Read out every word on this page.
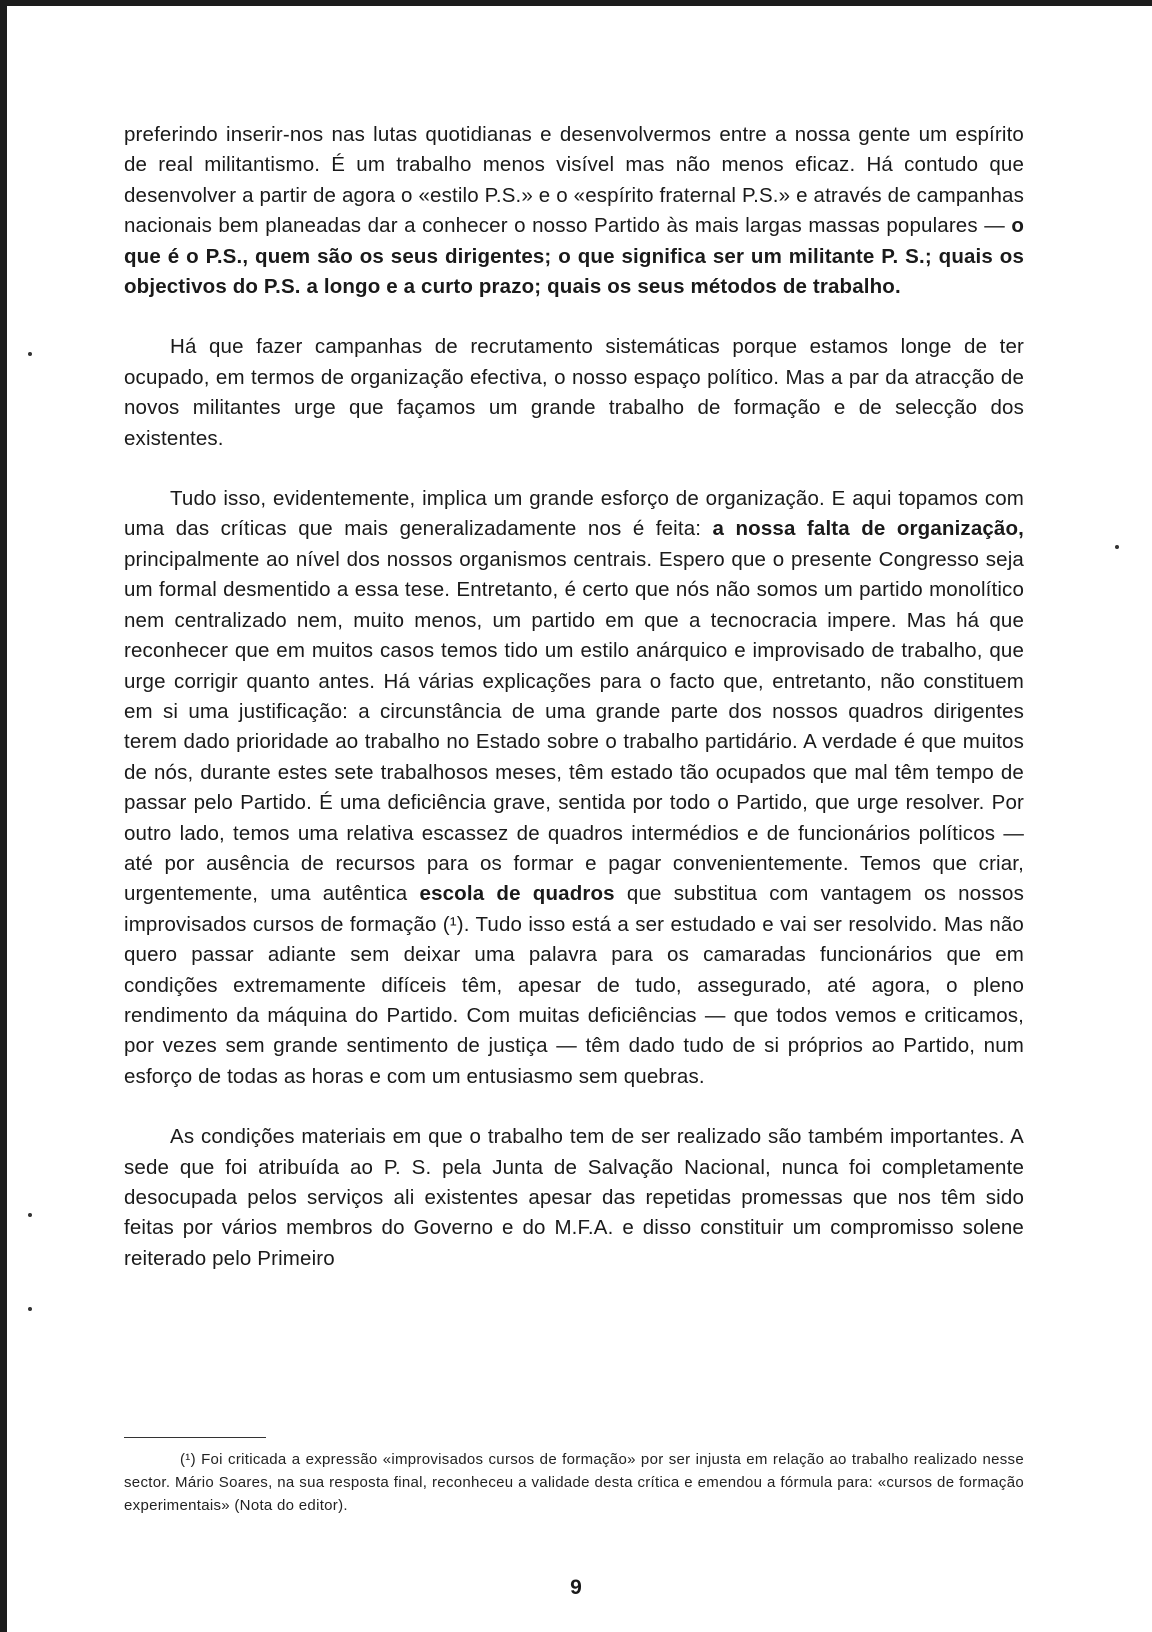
preferindo inserir-nos nas lutas quotidianas e desenvolvermos entre a nossa gente um espírito de real militantismo. É um trabalho menos visível mas não menos eficaz. Há contudo que desenvolver a partir de agora o «estilo P.S.» e o «espírito fraternal P.S.» e através de campanhas nacionais bem planeadas dar a conhecer o nosso Partido às mais largas massas populares — o que é o P.S., quem são os seus dirigentes; o que significa ser um militante P. S.; quais os objectivos do P.S. a longo e a curto prazo; quais os seus métodos de trabalho.

Há que fazer campanhas de recrutamento sistemáticas porque estamos longe de ter ocupado, em termos de organização efectiva, o nosso espaço político. Mas a par da atracção de novos militantes urge que façamos um grande trabalho de formação e de selecção dos existentes.

Tudo isso, evidentemente, implica um grande esforço de organização. E aqui topamos com uma das críticas que mais generalizadamente nos é feita: a nossa falta de organização, principalmente ao nível dos nossos organismos centrais. Espero que o presente Congresso seja um formal desmentido a essa tese. Entretanto, é certo que nós não somos um partido monolítico nem centralizado nem, muito menos, um partido em que a tecnocracia impere. Mas há que reconhecer que em muitos casos temos tido um estilo anárquico e improvisado de trabalho, que urge corrigir quanto antes. Há várias explicações para o facto que, entretanto, não constituem em si uma justificação: a circunstância de uma grande parte dos nossos quadros dirigentes terem dado prioridade ao trabalho no Estado sobre o trabalho partidário. A verdade é que muitos de nós, durante estes sete trabalhosos meses, têm estado tão ocupados que mal têm tempo de passar pelo Partido. É uma deficiência grave, sentida por todo o Partido, que urge resolver. Por outro lado, temos uma relativa escassez de quadros intermédios e de funcionários políticos — até por ausência de recursos para os formar e pagar convenientemente. Temos que criar, urgentemente, uma autêntica escola de quadros que substitua com vantagem os nossos improvisados cursos de formação (¹). Tudo isso está a ser estudado e vai ser resolvido. Mas não quero passar adiante sem deixar uma palavra para os camaradas funcionários que em condições extremamente difíceis têm, apesar de tudo, assegurado, até agora, o pleno rendimento da máquina do Partido. Com muitas deficiências — que todos vemos e criticamos, por vezes sem grande sentimento de justiça — têm dado tudo de si próprios ao Partido, num esforço de todas as horas e com um entusiasmo sem quebras.

As condições materiais em que o trabalho tem de ser realizado são também importantes. A sede que foi atribuída ao P. S. pela Junta de Salvação Nacional, nunca foi completamente desocupada pelos serviços ali existentes apesar das repetidas promessas que nos têm sido feitas por vários membros do Governo e do M.F.A. e disso constituir um compromisso solene reiterado pelo Primeiro

(¹) Foi criticada a expressão «improvisados cursos de formação» por ser injusta em relação ao trabalho realizado nesse sector. Mário Soares, na sua resposta final, reconheceu a validade desta crítica e emendou a fórmula para: «cursos de formação experimentais» (Nota do editor).
9
